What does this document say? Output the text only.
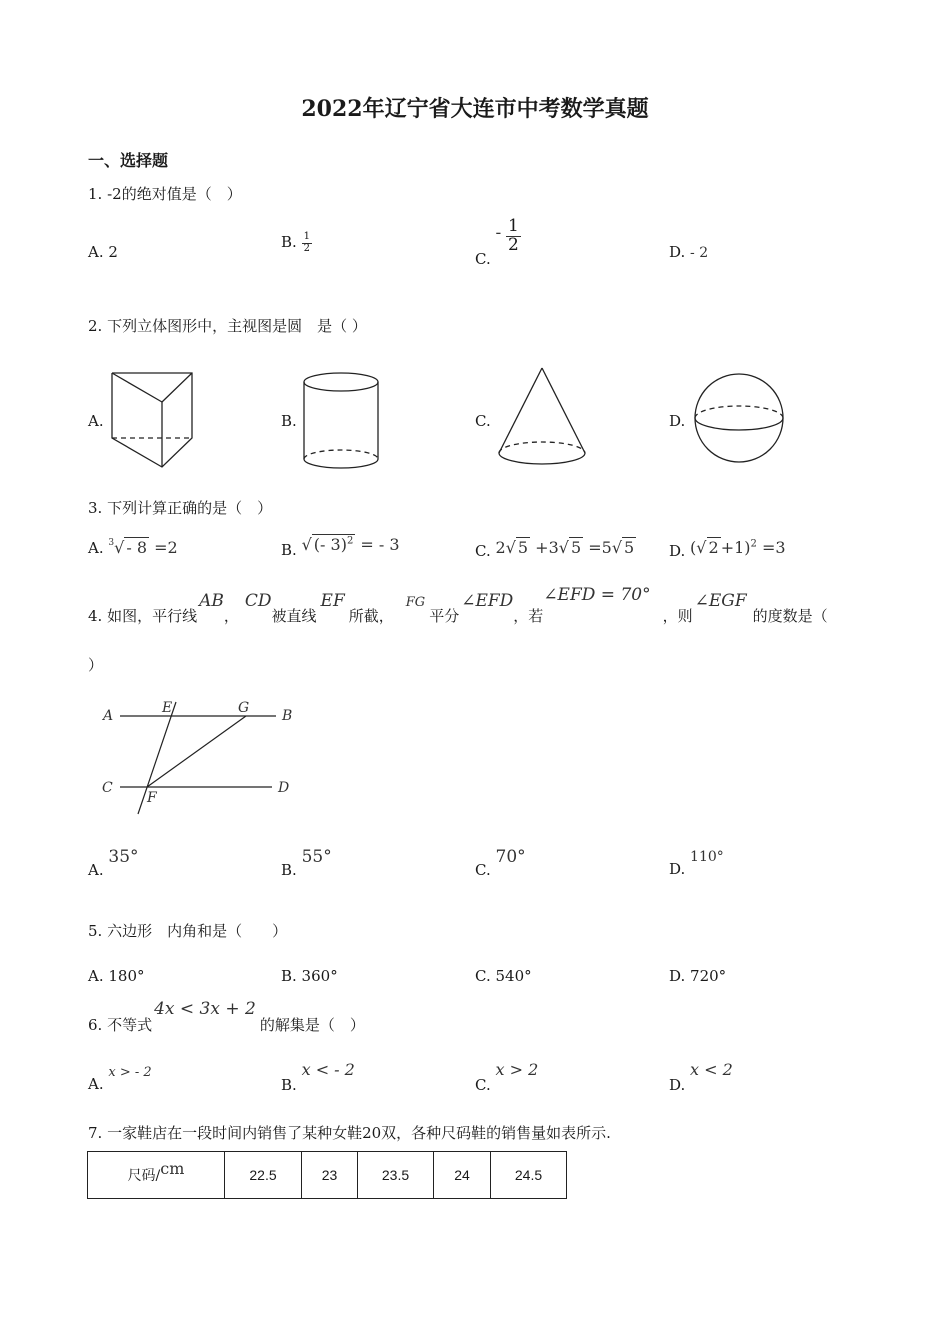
2022年辽宁省大连市中考数学真题
一、选择题
1. -2的绝对值是（　）
A. 2
B. $\frac{1}{2}$
C. - $\frac{1}{2}$	D. - 2
2. 下列立体图形中，主视图是圆　是（ ）
A.	B.	C.	D.
3. 下列计算正确的是（　）
A. $^3$√ - 8 =2	B. √ (- 3)$^2$ = - 3	C. 2√ 5 +3√ 5 =5√ 5 D. (√ 2 +1)$^2$ =3
4. 如图，平行线AB，CD被直线EF所截，FG平分∠EFD，若∠EFD = 70°，则∠EGF的度数是（
）
A	E	G B
C
F
D
A. 35°
B. 55°
C. 70°
D. 110°
5. 六边形　内角和是（　　）
A. 180°	B. 360°	C. 540°	D. 720°
6. 不等式4x < 3x + 2的解集是（　）
A. x > - 2
B. x < - 2
C. x > 2
D. x < 2
7. 一家鞋店在一段时间内销售了某种女鞋20双，各种尺码鞋的销售量如表所示.
尺码/cm	22.5	23	23.5	24	24.5
